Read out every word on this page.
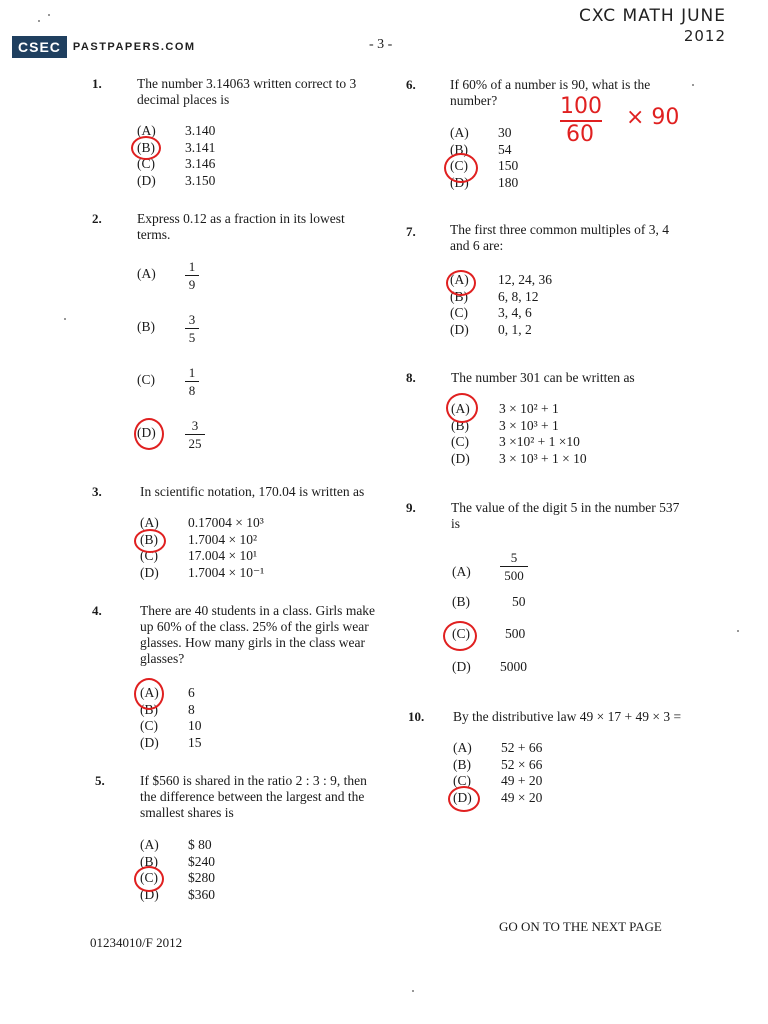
CSEC	PASTPAPERS.COM	- 3 -
CXC MATH JUNE
2012
1.	The number 3.14063 written correct to 3
decimal places is
(A)	3.140
(B)	3.141
(C)	3.146
(D)	3.150
2.	Express 0.12 as a fraction in its lowest
terms.
(A)	$\frac{1}{9}$
(B)	$\frac{3}{5}$
(C)	$\frac{1}{8}$
(D)	$\frac{3}{25}$
3.	In scientific notation, 170.04 is written as
(A)	0.17004 × 10³
(B)	1.7004 × 10²
(C)	17.004 × 10¹
(D)	1.7004 × 10⁻¹
4.	There are 40 students in a class. Girls make
up 60% of the class. 25% of the girls wear
glasses. How many girls in the class wear
glasses?
(A)	6
(B)	8
(C)	10
(D)	15
5.	If $560 is shared in the ratio 2 : 3 : 9, then
the difference between the largest and the
smallest shares is
(A)	$ 80
(B)	$240
(C)	$280
(D)	$360
6.	If 60% of a number is 90, what is the
number?	100
60
× 90
(A)	30
(B)	54
(C)	150
(D)	180
7.	The first three common multiples of 3, 4
and 6 are:
(A)	12, 24, 36
(B)	6, 8, 12
(C)	3, 4, 6
(D)	0, 1, 2
8.	The number 301 can be written as
(A)	3 × 10² + 1
(B)	3 × 10³ + 1
(C)	3 ×10² + 1 ×10
(D)	3 × 10³ + 1 × 10
9.	The value of the digit 5 in the number 537
is
(A)	$\frac{5}{500}$
(B)	50
(C)	500
(D)	5000
10. By the distributive law 49 × 17 + 49 × 3 =
(A)	52 + 66
(B)	52 × 66
(C)	49 + 20
(D)	49 × 20
GO ON TO THE NEXT PAGE
01234010/F 2012
